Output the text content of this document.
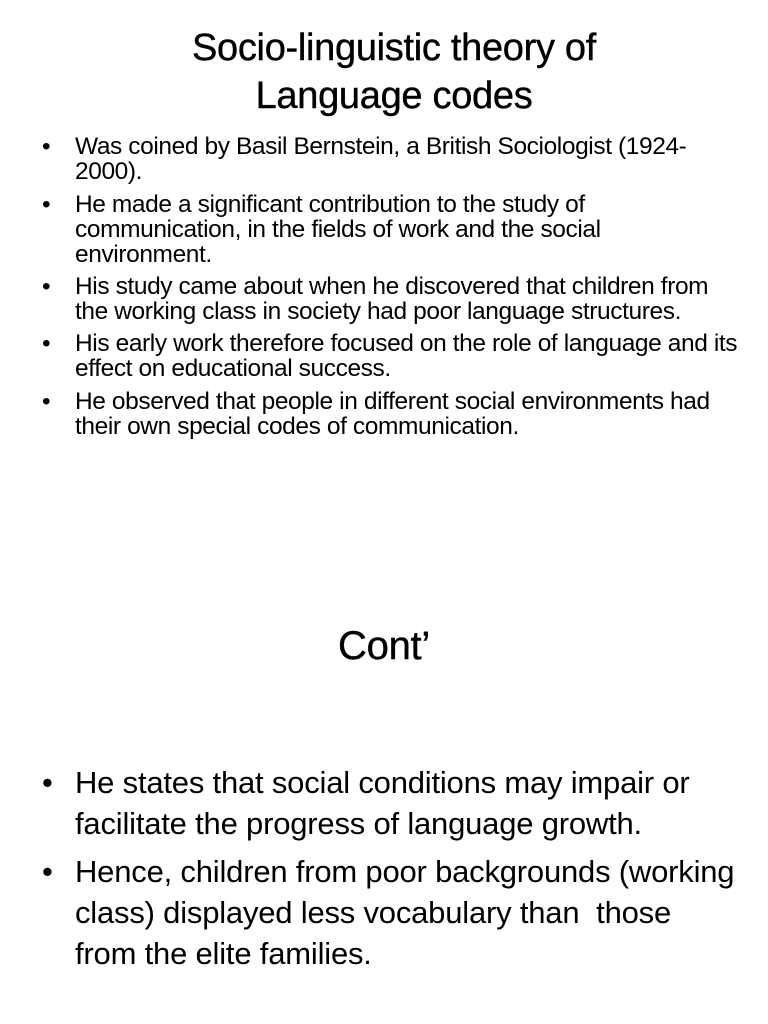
Socio-linguistic theory of
Language codes
• Was coined by Basil Bernstein, a British Sociologist (1924-2000).
• He made a significant contribution to the study of communication, in the fields of work and the social environment.
• His study came about when he discovered that children from the working class in society had poor language structures.
• His early work therefore focused on the role of language and its effect on educational success.
• He observed that people in different social environments had their own special codes of communication.
Cont’
• He states that social conditions may impair or   facilitate the progress of language growth.
• Hence, children from poor backgrounds (working class) displayed less vocabulary than  those from the elite families.
